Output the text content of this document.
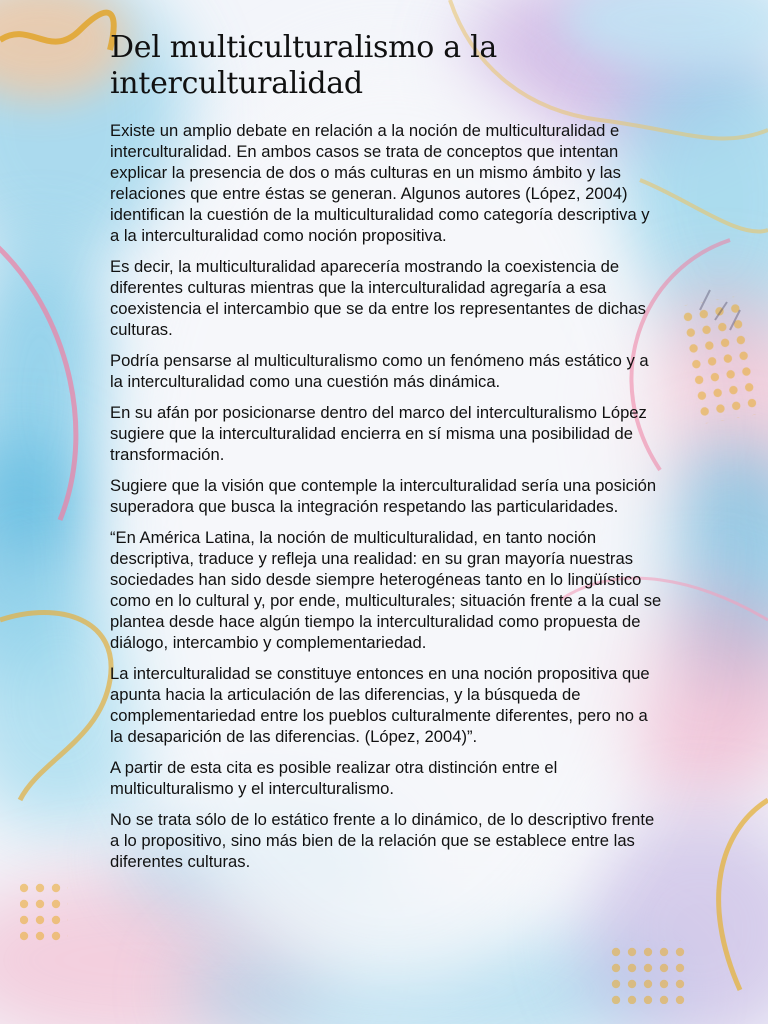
Del multiculturalismo a la interculturalidad

Existe un amplio debate en relación a la noción de multiculturalidad e interculturalidad. En ambos casos se trata de conceptos que intentan explicar la presencia de dos o más culturas en un mismo ámbito y las relaciones que entre éstas se generan. Algunos autores (López, 2004) identifican la cuestión de la multiculturalidad como categoría descriptiva y a la interculturalidad como noción propositiva.

Es decir, la multiculturalidad aparecería mostrando la coexistencia de diferentes culturas mientras que la interculturalidad agregaría a esa coexistencia el intercambio que se da entre los representantes de dichas culturas.

Podría pensarse al multiculturalismo como un fenómeno más estático y a la interculturalidad como una cuestión más dinámica.

En su afán por posicionarse dentro del marco del interculturalismo López sugiere que la interculturalidad encierra en sí misma una posibilidad de transformación.

Sugiere que la visión que contemple la interculturalidad sería una posición superadora que busca la integración respetando las particularidades.

“En América Latina, la noción de multiculturalidad, en tanto noción descriptiva, traduce y refleja una realidad: en su gran mayoría nuestras sociedades han sido desde siempre heterogéneas tanto en lo lingüístico como en lo cultural y, por ende, multiculturales; situación frente a la cual se plantea desde hace algún tiempo la interculturalidad como propuesta de diálogo, intercambio y complementariedad.

La interculturalidad se constituye entonces en una noción propositiva que apunta hacia la articulación de las diferencias, y la búsqueda de complementariedad entre los pueblos culturalmente diferentes, pero no a la desaparición de las diferencias. (López, 2004)”.

A partir de esta cita es posible realizar otra distinción entre el multiculturalismo y el interculturalismo.

No se trata sólo de lo estático frente a lo dinámico, de lo descriptivo frente a lo propositivo, sino más bien de la relación que se establece entre las diferentes culturas.
